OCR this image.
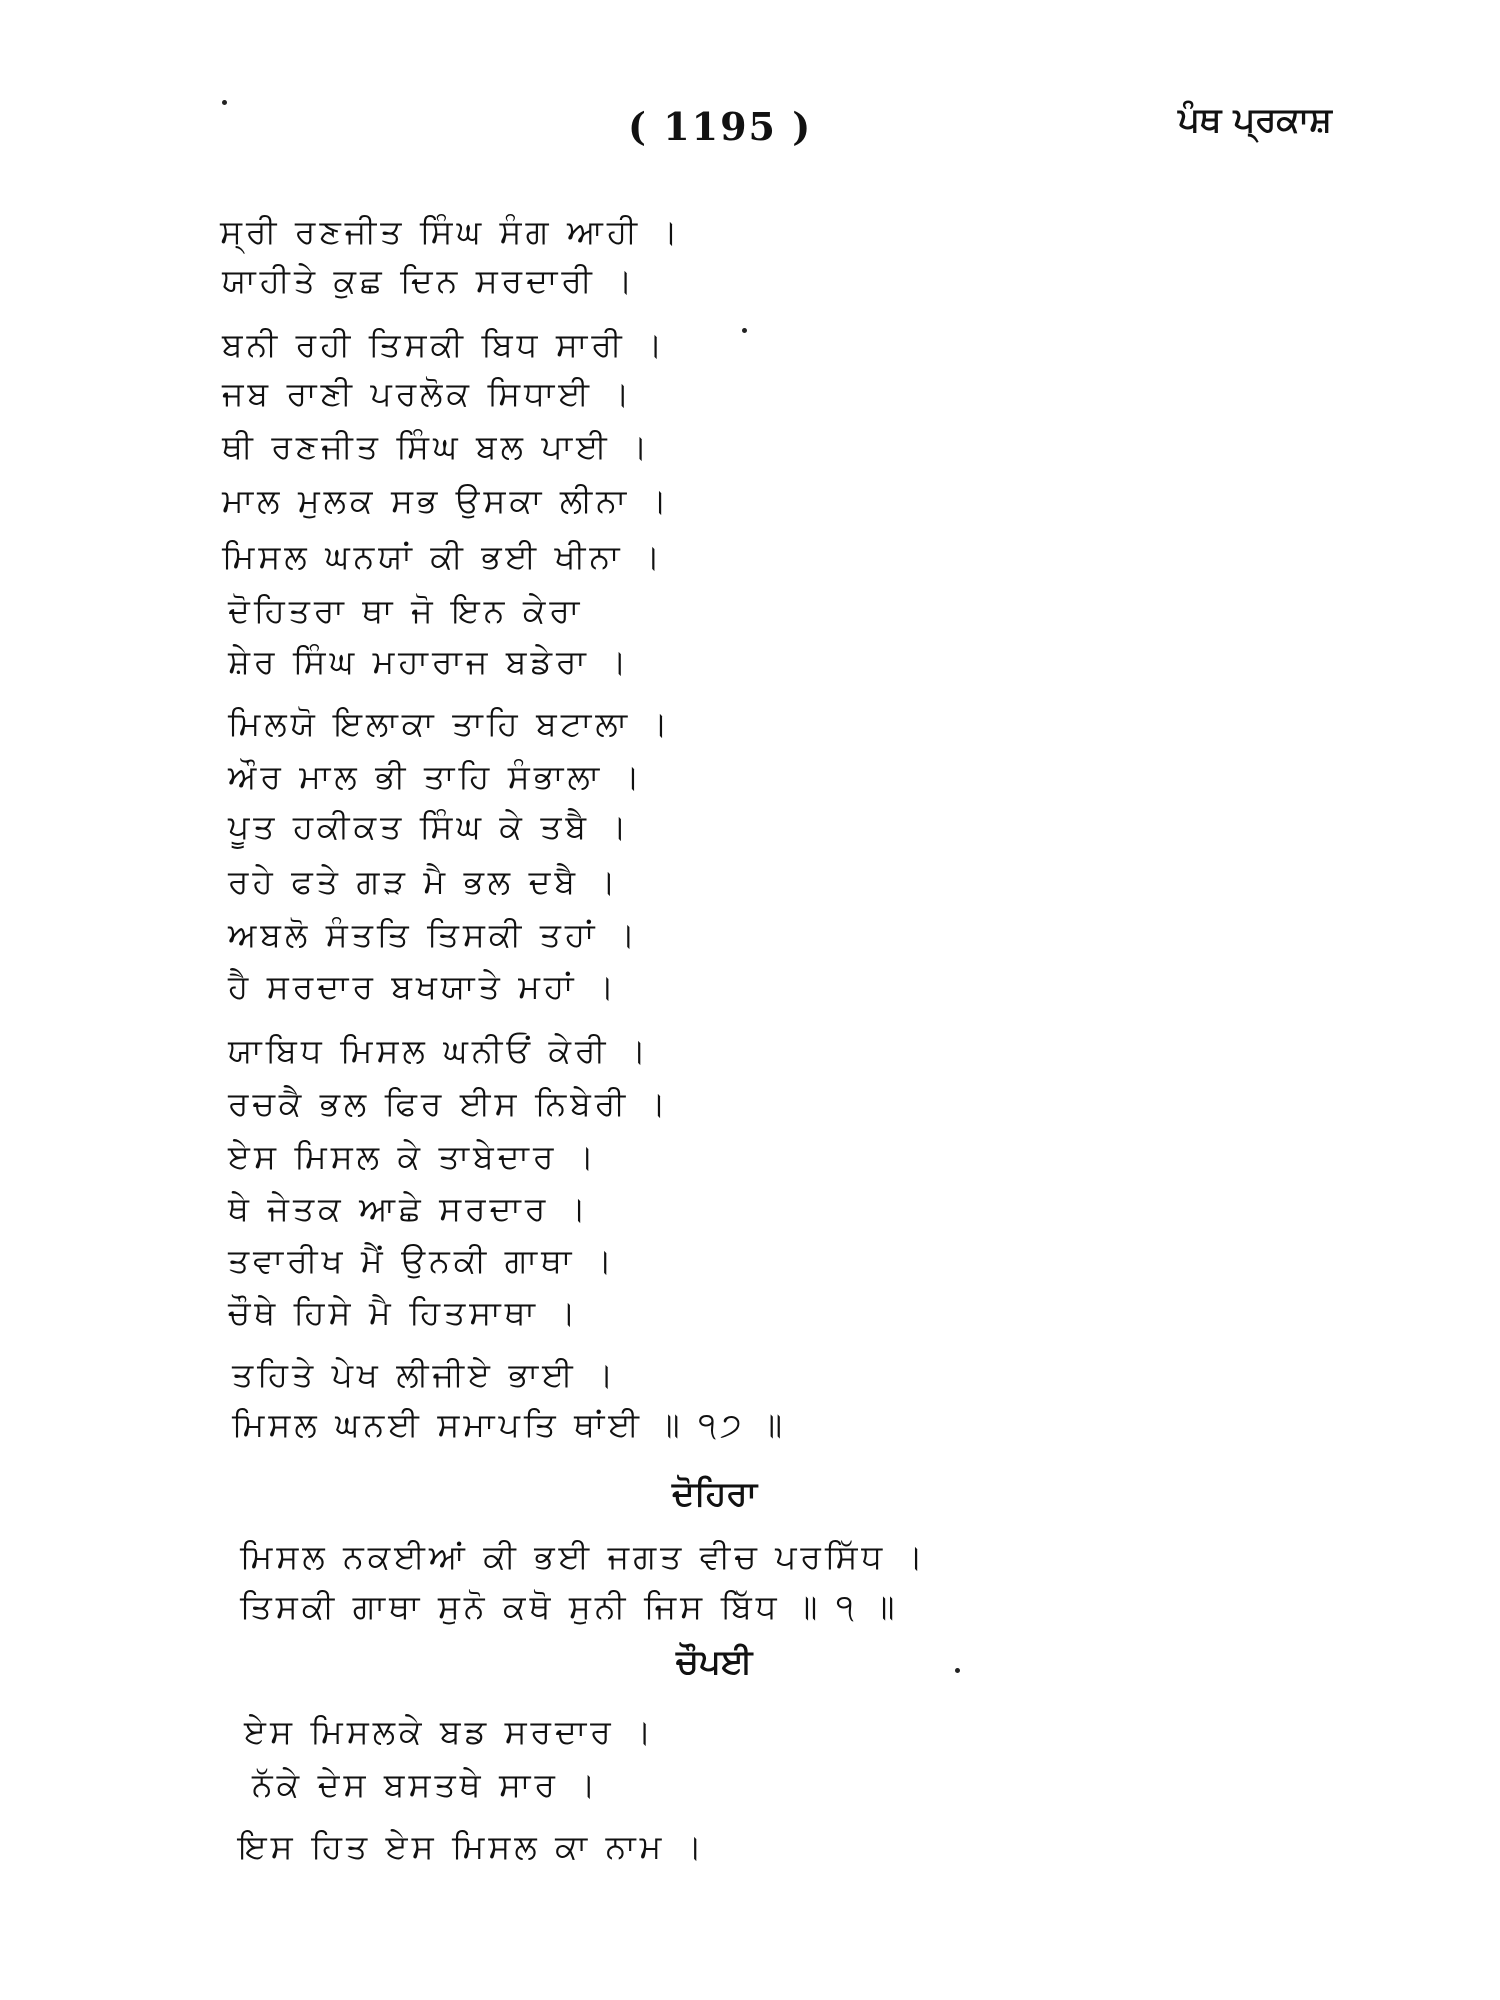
( 1195 )	ਪੰਥ ਪ੍ਰਕਾਸ਼
ਸ੍ਰੀ ਰਣਜੀਤ ਸਿੰਘ ਸੰਗ ਆਹੀ ।
ਯਾਹੀਤੇ ਕੁਛ ਦਿਨ ਸਰਦਾਰੀ ।
ਬਨੀ ਰਹੀ ਤਿਸਕੀ ਬਿਧ ਸਾਰੀ ।
ਜਬ ਰਾਣੀ ਪਰਲੋਕ ਸਿਧਾਈ ।
ਥੀ ਰਣਜੀਤ ਸਿੰਘ ਬਲ ਪਾਈ ।
ਮਾਲ ਮੁਲਕ ਸਭ ਉਸਕਾ ਲੀਨਾ ।
ਮਿਸਲ ਘਨਯਾਂ ਕੀ ਭਈ ਖੀਨਾ ।
ਦੋਹਿਤਰਾ ਥਾ ਜੋ ਇਨ ਕੇਰਾ
ਸ਼ੇਰ ਸਿੰਘ ਮਹਾਰਾਜ ਬਡੇਰਾ ।
ਮਿਲਯੋ ਇਲਾਕਾ ਤਾਹਿ ਬਟਾਲਾ ।
ਔਰ ਮਾਲ ਭੀ ਤਾਹਿ ਸੰਭਾਲਾ ।
ਪੂਤ ਹਕੀਕਤ ਸਿੰਘ ਕੇ ਤਬੈ ।
ਰਹੇ ਫਤੇ ਗੜ ਮੈ ਭਲ ਦਬੈ ।
ਅਬਲੋ ਸੰਤਤਿ ਤਿਸਕੀ ਤਹਾਂ ।
ਹੈ ਸਰਦਾਰ ਬਖਯਾਤੇ ਮਹਾਂ ।
ਯਾਬਿਧ ਮਿਸਲ ਘਨੀਓਂ ਕੇਰੀ ।
ਰਚਕੈ ਭਲ ਫਿਰ ਈਸ ਨਿਬੇਰੀ ।
ਏਸ ਮਿਸਲ ਕੇ ਤਾਬੇਦਾਰ ।
ਥੇ ਜੇਤਕ ਆਛੇ ਸਰਦਾਰ ।
ਤਵਾਰੀਖ ਮੈਂ ਉਨਕੀ ਗਾਥਾ ।
ਚੌਥੇ ਹਿਸੇ ਮੈ ਹਿਤਸਾਥਾ ।
ਤਹਿਤੇ ਪੇਖ ਲੀਜੀਏ ਭਾਈ ।
ਮਿਸਲ ਘਨਈ ਸਮਾਪਤਿ ਥਾਂਈ ॥ ੧੭ ॥
ਦੋਹਿਰਾ
ਮਿਸਲ ਨਕਈਆਂ ਕੀ ਭਈ ਜਗਤ ਵੀਚ ਪਰਸਿੱਧ ।
ਤਿਸਕੀ ਗਾਥਾ ਸੁਨੋ ਕਥੋ ਸੁਨੀ ਜਿਸ ਬਿੱਧ ॥ ੧ ॥
ਚੌਪਈ
ਏਸ ਮਿਸਲਕੇ ਬਡ ਸਰਦਾਰ ।
ਨੱਕੇ ਦੇਸ ਬਸਤਥੇ ਸਾਰ ।
ਇਸ ਹਿਤ ਏਸ ਮਿਸਲ ਕਾ ਨਾਮ ।
